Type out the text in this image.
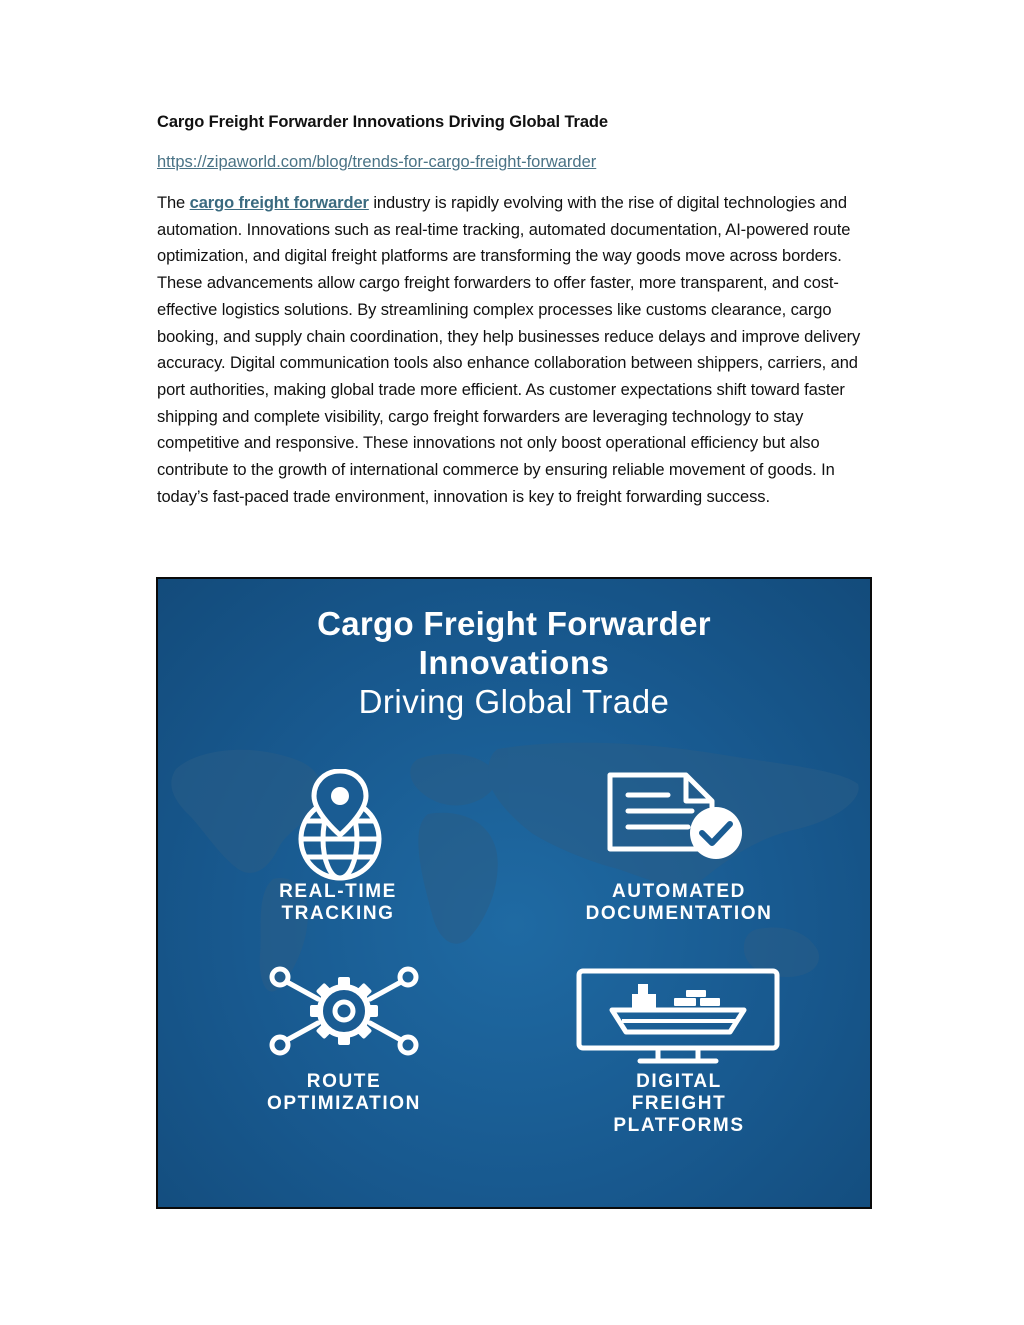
Cargo Freight Forwarder Innovations Driving Global Trade
https://zipaworld.com/blog/trends-for-cargo-freight-forwarder

The cargo freight forwarder industry is rapidly evolving with the rise of digital technologies and automation. Innovations such as real-time tracking, automated documentation, AI-powered route optimization, and digital freight platforms are transforming the way goods move across borders. These advancements allow cargo freight forwarders to offer faster, more transparent, and cost-effective logistics solutions. By streamlining complex processes like customs clearance, cargo booking, and supply chain coordination, they help businesses reduce delays and improve delivery accuracy. Digital communication tools also enhance collaboration between shippers, carriers, and port authorities, making global trade more efficient. As customer expectations shift toward faster shipping and complete visibility, cargo freight forwarders are leveraging technology to stay competitive and responsive. These innovations not only boost operational efficiency but also contribute to the growth of international commerce by ensuring reliable movement of goods. In today’s fast-paced trade environment, innovation is key to freight forwarding success.

Cargo Freight Forwarder
Innovations
Driving Global Trade
REAL-TIME
TRACKING
AUTOMATED
DOCUMENTATION
ROUTE
OPTIMIZATION
DIGITAL
FREIGHT
PLATFORMS
